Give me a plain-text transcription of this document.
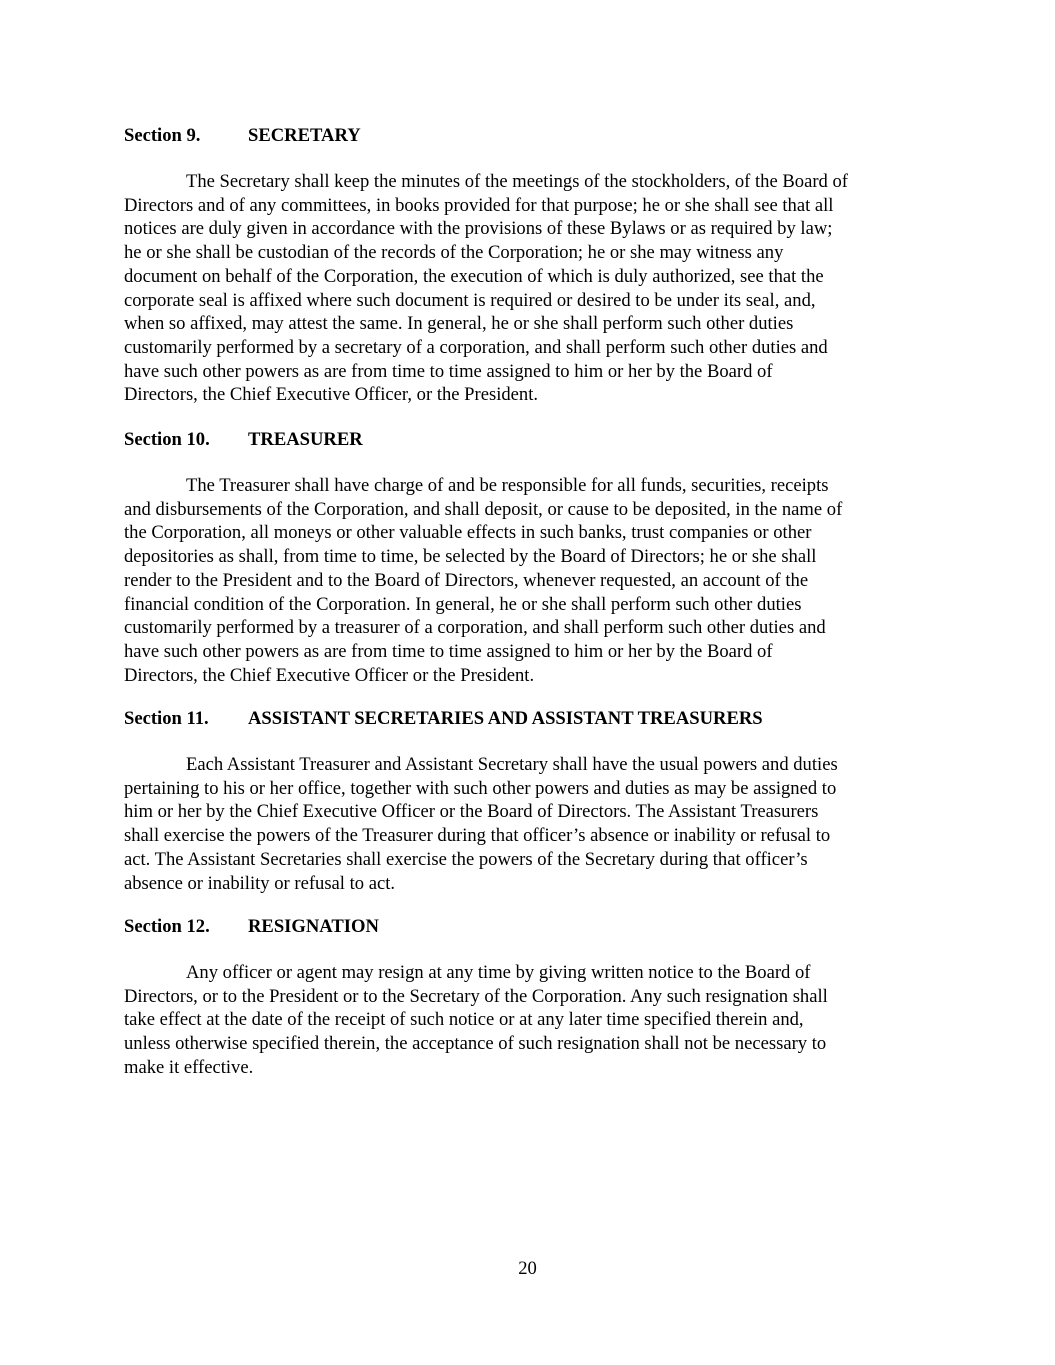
Section 9.	SECRETARY
The Secretary shall keep the minutes of the meetings of the stockholders, of the Board of
Directors and of any committees, in books provided for that purpose; he or she shall see that all
notices are duly given in accordance with the provisions of these Bylaws or as required by law;
he or she shall be custodian of the records of the Corporation; he or she may witness any
document on behalf of the Corporation, the execution of which is duly authorized, see that the
corporate seal is affixed where such document is required or desired to be under its seal, and,
when so affixed, may attest the same. In general, he or she shall perform such other duties
customarily performed by a secretary of a corporation, and shall perform such other duties and
have such other powers as are from time to time assigned to him or her by the Board of
Directors, the Chief Executive Officer, or the President.
Section 10. TREASURER
The Treasurer shall have charge of and be responsible for all funds, securities, receipts
and disbursements of the Corporation, and shall deposit, or cause to be deposited, in the name of
the Corporation, all moneys or other valuable effects in such banks, trust companies or other
depositories as shall, from time to time, be selected by the Board of Directors; he or she shall
render to the President and to the Board of Directors, whenever requested, an account of the
financial condition of the Corporation. In general, he or she shall perform such other duties
customarily performed by a treasurer of a corporation, and shall perform such other duties and
have such other powers as are from time to time assigned to him or her by the Board of
Directors, the Chief Executive Officer or the President.
Section 11. ASSISTANT SECRETARIES AND ASSISTANT TREASURERS
Each Assistant Treasurer and Assistant Secretary shall have the usual powers and duties
pertaining to his or her office, together with such other powers and duties as may be assigned to
him or her by the Chief Executive Officer or the Board of Directors. The Assistant Treasurers
shall exercise the powers of the Treasurer during that officer’s absence or inability or refusal to
act. The Assistant Secretaries shall exercise the powers of the Secretary during that officer’s
absence or inability or refusal to act.
Section 12. RESIGNATION
Any officer or agent may resign at any time by giving written notice to the Board of
Directors, or to the President or to the Secretary of the Corporation. Any such resignation shall
take effect at the date of the receipt of such notice or at any later time specified therein and,
unless otherwise specified therein, the acceptance of such resignation shall not be necessary to
make it effective.
20
